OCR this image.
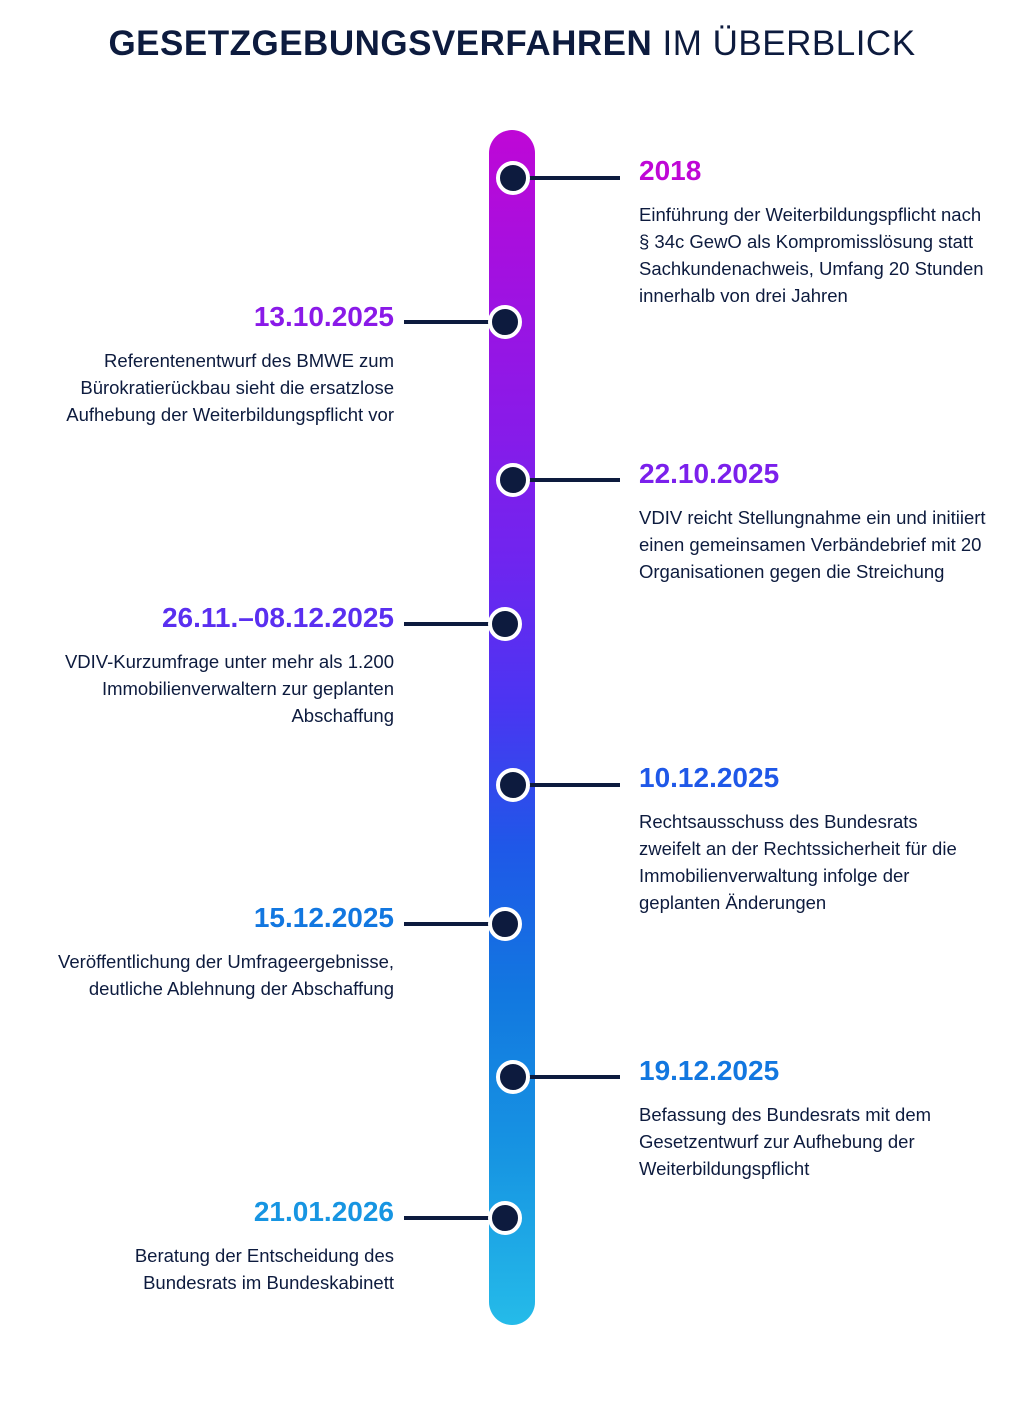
GESETZGEBUNGSVERFAHREN IM ÜBERBLICK
2018
Einführung der Weiterbildungspflicht nach § 34c GewO als Kompromisslösung statt Sachkundenachweis, Umfang 20 Stunden innerhalb von drei Jahren
13.10.2025
Referentenentwurf des BMWE zum Bürokratierückbau sieht die ersatzlose Aufhebung der Weiterbildungspflicht vor
22.10.2025
VDIV reicht Stellungnahme ein und initiiert einen gemeinsamen Verbändebrief mit 20 Organisationen gegen die Streichung
26.11.–08.12.2025
VDIV-Kurzumfrage unter mehr als 1.200 Immobilienverwaltern zur geplanten Abschaffung
10.12.2025
Rechtsausschuss des Bundesrats zweifelt an der Rechtssicherheit für die Immobilienverwaltung infolge der geplanten Änderungen
15.12.2025
Veröffentlichung der Umfrageergebnisse, deutliche Ablehnung der Abschaffung
19.12.2025
Befassung des Bundesrats mit dem Gesetzentwurf zur Aufhebung der Weiterbildungspflicht
21.01.2026
Beratung der Entscheidung des Bundesrats im Bundeskabinett
